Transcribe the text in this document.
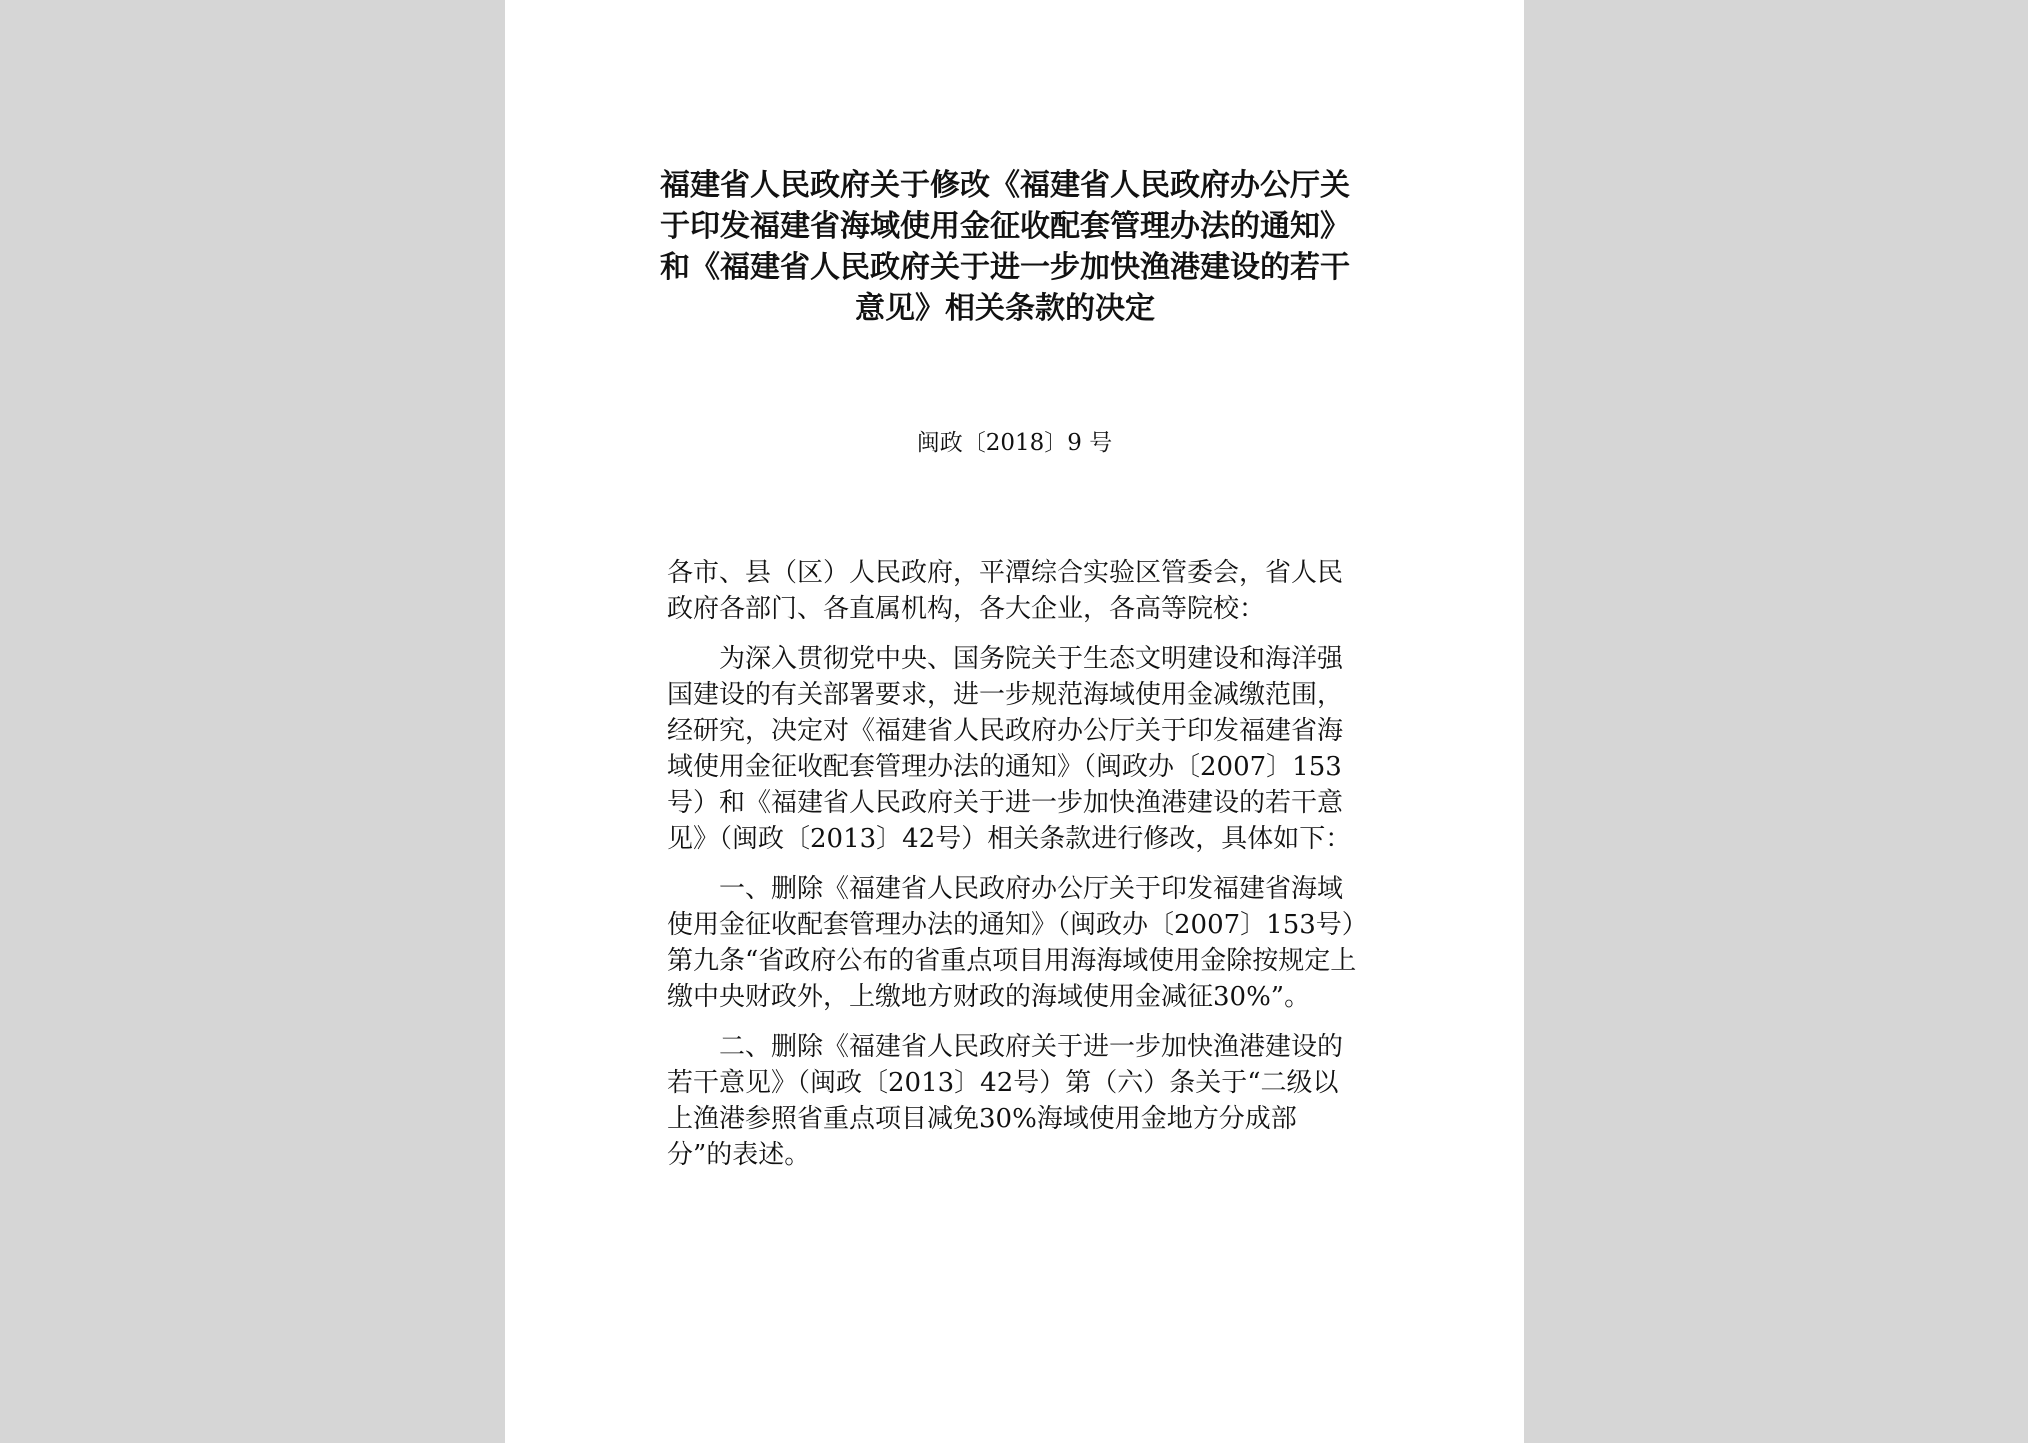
福建省人民政府关于修改《福建省人民政府办公厅关于印发福建省海域使用金征收配套管理办法的通知》和《福建省人民政府关于进一步加快渔港建设的若干意见》相关条款的决定
闽政〔2018〕9 号

各市、县（区）人民政府，平潭综合实验区管委会，省人民政府各部门、各直属机构，各大企业，各高等院校：

为深入贯彻党中央、国务院关于生态文明建设和海洋强国建设的有关部署要求，进一步规范海域使用金减缴范围，经研究，决定对《福建省人民政府办公厅关于印发福建省海域使用金征收配套管理办法的通知》（闽政办〔2007〕153号）和《福建省人民政府关于进一步加快渔港建设的若干意见》（闽政〔2013〕42号）相关条款进行修改，具体如下：

一、删除《福建省人民政府办公厅关于印发福建省海域使用金征收配套管理办法的通知》（闽政办〔2007〕153号）第九条“省政府公布的省重点项目用海海域使用金除按规定上缴中央财政外，上缴地方财政的海域使用金减征30%”。

二、删除《福建省人民政府关于进一步加快渔港建设的若干意见》（闽政〔2013〕42号）第（六）条关于“二级以上渔港参照省重点项目减免30%海域使用金地方分成部分”的表述。
